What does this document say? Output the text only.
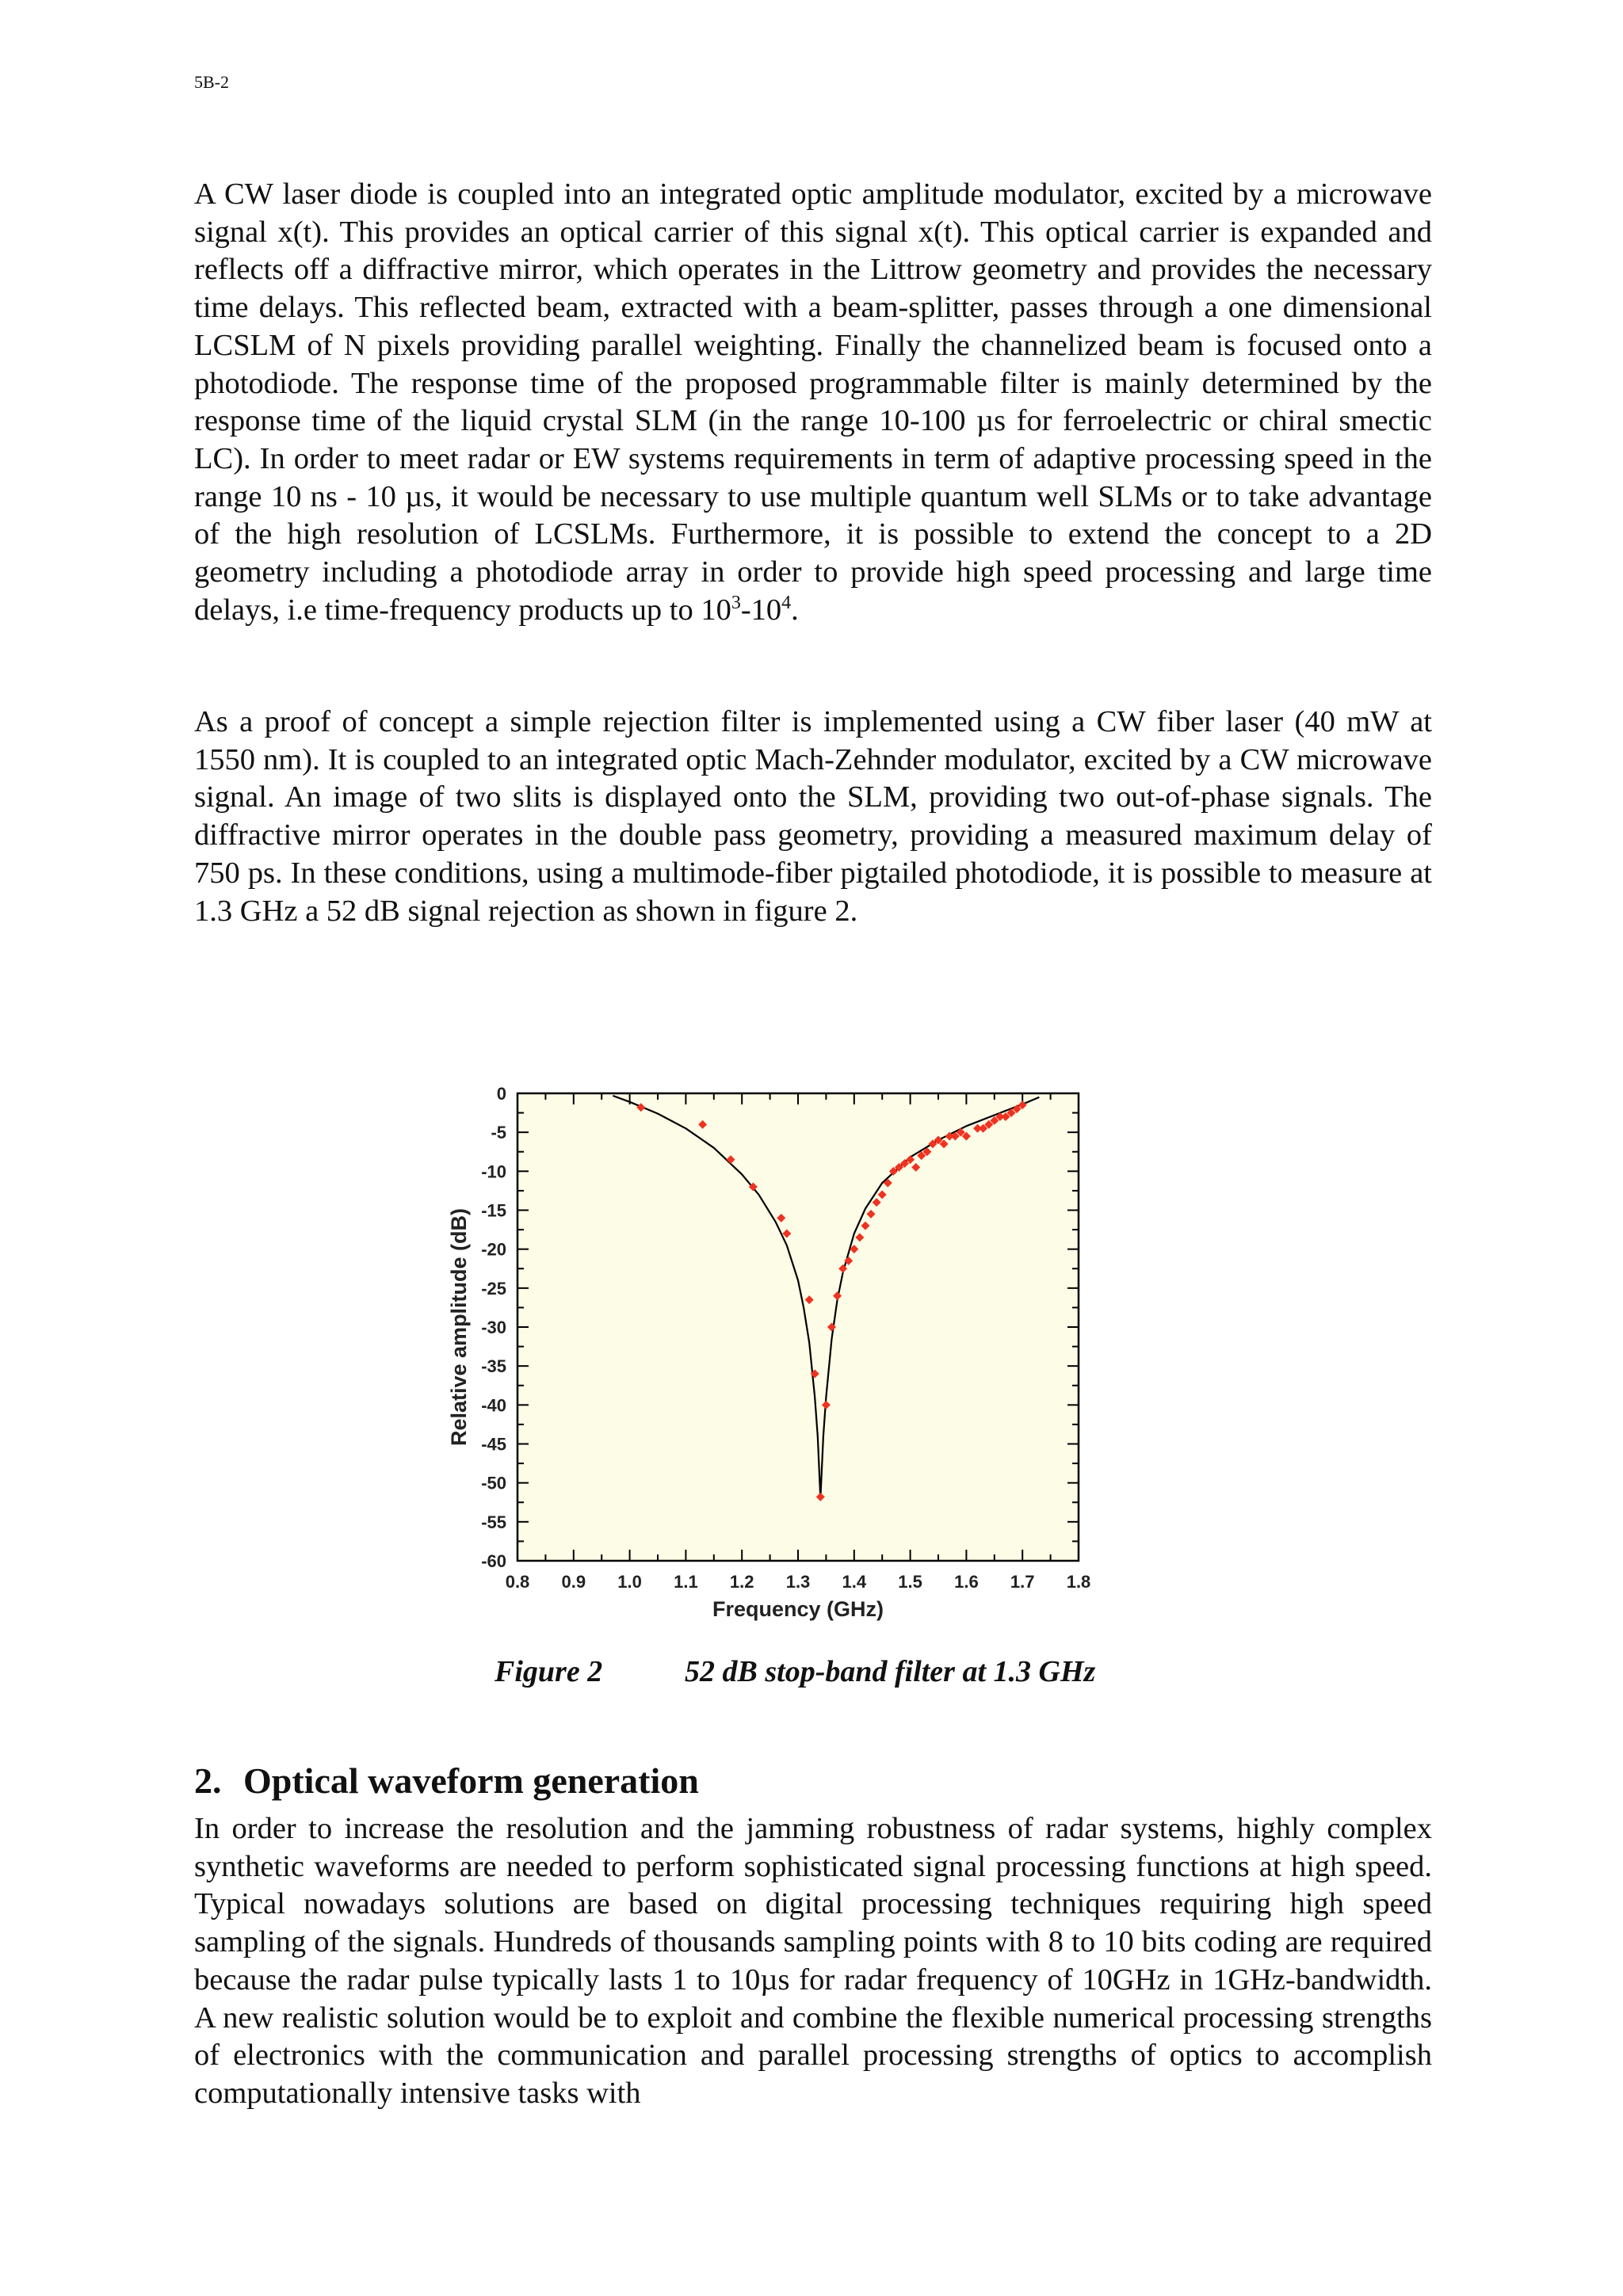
5B-2

A CW laser diode is coupled into an integrated optic amplitude modulator, excited by a microwave signal x(t). This provides an optical carrier of this signal x(t). This optical carrier is expanded and reflects off a diffractive mirror, which operates in the Littrow geometry and provides the necessary time delays. This reflected beam, extracted with a beam-splitter, passes through a one dimensional LCSLM of N pixels providing parallel weighting. Finally the channelized beam is focused onto a photodiode. The response time of the proposed programmable filter is mainly determined by the response time of the liquid crystal SLM (in the range 10-100 µs for ferroelectric or chiral smectic LC). In order to meet radar or EW systems requirements in term of adaptive processing speed in the range 10 ns - 10 µs, it would be necessary to use multiple quantum well SLMs or to take advantage of the high resolution of LCSLMs. Furthermore, it is possible to extend the concept to a 2D geometry including a photodiode array in order to provide high speed processing and large time delays, i.e time-frequency products up to $10^3-10^4$.

As a proof of concept a simple rejection filter is implemented using a CW fiber laser (40 mW at 1550 nm). It is coupled to an integrated optic Mach-Zehnder modulator, excited by a CW microwave signal. An image of two slits is displayed onto the SLM, providing two out-of-phase signals. The diffractive mirror operates in the double pass geometry, providing a measured maximum delay of 750 ps. In these conditions, using a multimode-fiber pigtailed photodiode, it is possible to measure at 1.3 GHz a 52 dB signal rejection as shown in figure 2.

0.8 0.9 1.0 1.1 1.2 1.3 1.4 1.5 1.6 1.7 1.8
0
-5
-10
-15
-20
-25
-30
-35
-40
-45
-50
-55
-60
Frequency (GHz)
Relative amplitude (dB)

Figure 2	52 dB stop-band filter at 1.3 GHz

2. Optical waveform generation

In order to increase the resolution and the jamming robustness of radar systems, highly complex synthetic waveforms are needed to perform sophisticated signal processing functions at high speed. Typical nowadays solutions are based on digital processing techniques requiring high speed sampling of the signals. Hundreds of thousands sampling points with 8 to 10 bits coding are required because the radar pulse typically lasts 1 to 10µs for radar frequency of 10GHz in 1GHz-bandwidth. A new realistic solution would be to exploit and combine the flexible numerical processing strengths of electronics with the communication and parallel processing strengths of optics to accomplish computationally intensive tasks with
